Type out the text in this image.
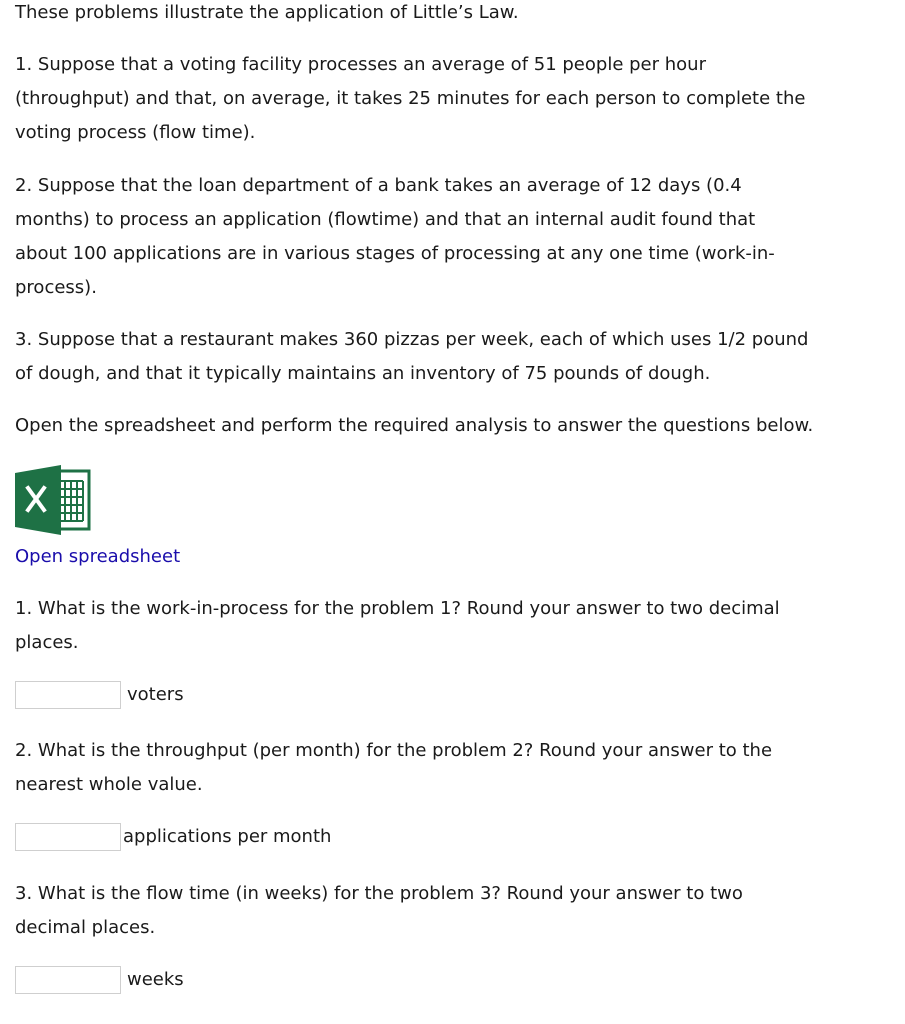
These problems illustrate the application of Little’s Law.

1. Suppose that a voting facility processes an average of 51 people per hour
(throughput) and that, on average, it takes 25 minutes for each person to complete the
voting process (flow time).
2. Suppose that the loan department of a bank takes an average of 12 days (0.4
months) to process an application (flowtime) and that an internal audit found that
about 100 applications are in various stages of processing at any one time (work-in-
process).
3. Suppose that a restaurant makes 360 pizzas per week, each of which uses 1/2 pound
of dough, and that it typically maintains an inventory of 75 pounds of dough.

Open the spreadsheet and perform the required analysis to answer the questions below.

Open spreadsheet
1. What is the work-in-process for the problem 1? Round your answer to two decimal
places.
voters
2. What is the throughput (per month) for the problem 2? Round your answer to the
nearest whole value.
applications per month
3. What is the flow time (in weeks) for the problem 3? Round your answer to two
decimal places.
weeks
